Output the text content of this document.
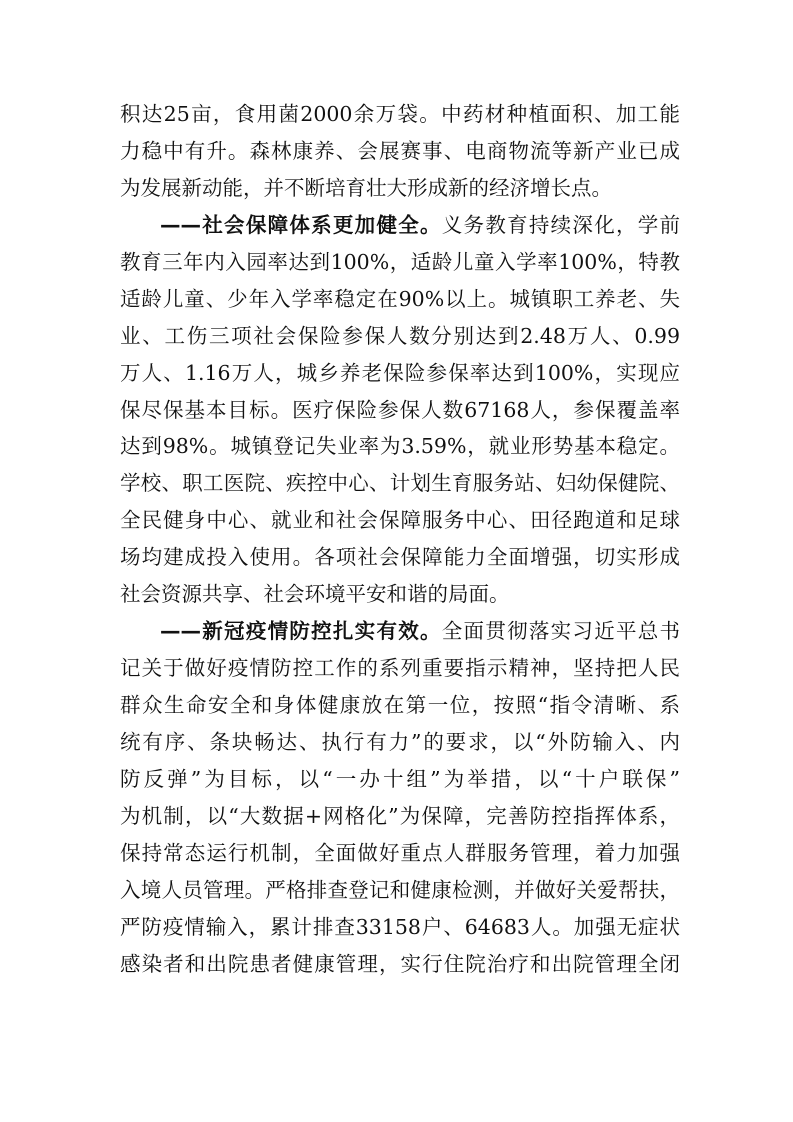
积达25亩，食用菌2000余万袋。中药材种植面积、加工能
力稳中有升。森林康养、会展赛事、电商物流等新产业已成
为发展新动能，并不断培育壮大形成新的经济增长点。
——社会保障体系更加健全。义务教育持续深化，学前
教育三年内入园率达到100%，适龄儿童入学率100%，特教
适龄儿童、少年入学率稳定在90%以上。城镇职工养老、失
业、工伤三项社会保险参保人数分别达到2.48万人、0.99
万人、1.16万人，城乡养老保险参保率达到100%，实现应
保尽保基本目标。医疗保险参保人数67168人，参保覆盖率
达到98%。城镇登记失业率为3.59%，就业形势基本稳定。
学校、职工医院、疾控中心、计划生育服务站、妇幼保健院、
全民健身中心、就业和社会保障服务中心、田径跑道和足球
场均建成投入使用。各项社会保障能力全面增强，切实形成
社会资源共享、社会环境平安和谐的局面。
——新冠疫情防控扎实有效。全面贯彻落实习近平总书
记关于做好疫情防控工作的系列重要指示精神，坚持把人民
群众生命安全和身体健康放在第一位，按照“指令清晰、系
统有序、条块畅达、执行有力”的要求，以“外防输入、内
防反弹”为目标，以“一办十组”为举措，以“十户联保”
为机制，以“大数据+网格化”为保障，完善防控指挥体系，
保持常态运行机制，全面做好重点人群服务管理，着力加强
入境人员管理。严格排查登记和健康检测，并做好关爱帮扶，
严防疫情输入，累计排查33158户、64683人。加强无症状
感染者和出院患者健康管理，实行住院治疗和出院管理全闭
